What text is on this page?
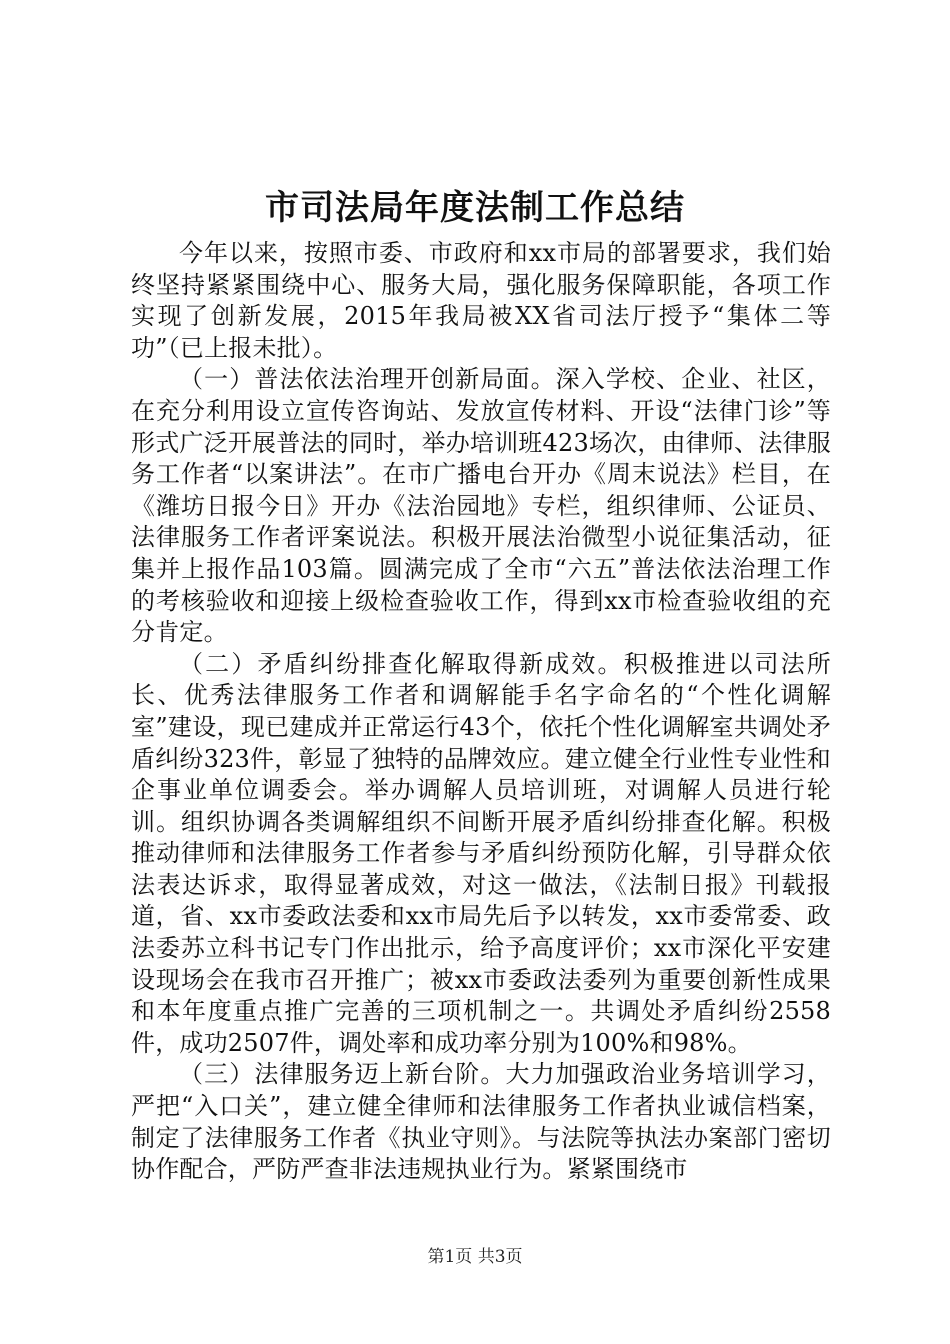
市司法局年度法制工作总结

今年以来，按照市委、市政府和xx市局的部署要求，我们始终坚持紧紧围绕中心、服务大局，强化服务保障职能，各项工作实现了创新发展，2015年我局被XX省司法厅授予“集体二等功”（已上报未批）。

（一）普法依法治理开创新局面。深入学校、企业、社区，在充分利用设立宣传咨询站、发放宣传材料、开设“法律门诊”等形式广泛开展普法的同时，举办培训班423场次，由律师、法律服务工作者“以案讲法”。在市广播电台开办《周末说法》栏目，在《潍坊日报今日》开办《法治园地》专栏，组织律师、公证员、法律服务工作者评案说法。积极开展法治微型小说征集活动，征集并上报作品103篇。圆满完成了全市“六五”普法依法治理工作的考核验收和迎接上级检查验收工作，得到xx市检查验收组的充分肯定。

（二）矛盾纠纷排查化解取得新成效。积极推进以司法所长、优秀法律服务工作者和调解能手名字命名的“个性化调解室”建设，现已建成并正常运行43个，依托个性化调解室共调处矛盾纠纷323件，彰显了独特的品牌效应。建立健全行业性专业性和企事业单位调委会。举办调解人员培训班，对调解人员进行轮训。组织协调各类调解组织不间断开展矛盾纠纷排查化解。积极推动律师和法律服务工作者参与矛盾纠纷预防化解，引导群众依法表达诉求，取得显著成效，对这一做法，《法制日报》刊载报道，省、xx市委政法委和xx市局先后予以转发，xx市委常委、政法委苏立科书记专门作出批示，给予高度评价；xx市深化平安建设现场会在我市召开推广；被xx市委政法委列为重要创新性成果和本年度重点推广完善的三项机制之一。共调处矛盾纠纷2558件，成功2507件，调处率和成功率分别为100%和98%。

（三）法律服务迈上新台阶。大力加强政治业务培训学习，严把“入口关”，建立健全律师和法律服务工作者执业诚信档案，制定了法律服务工作者《执业守则》。与法院等执法办案部门密切协作配合，严防严查非法违规执业行为。紧紧围绕市

第1页 共3页
